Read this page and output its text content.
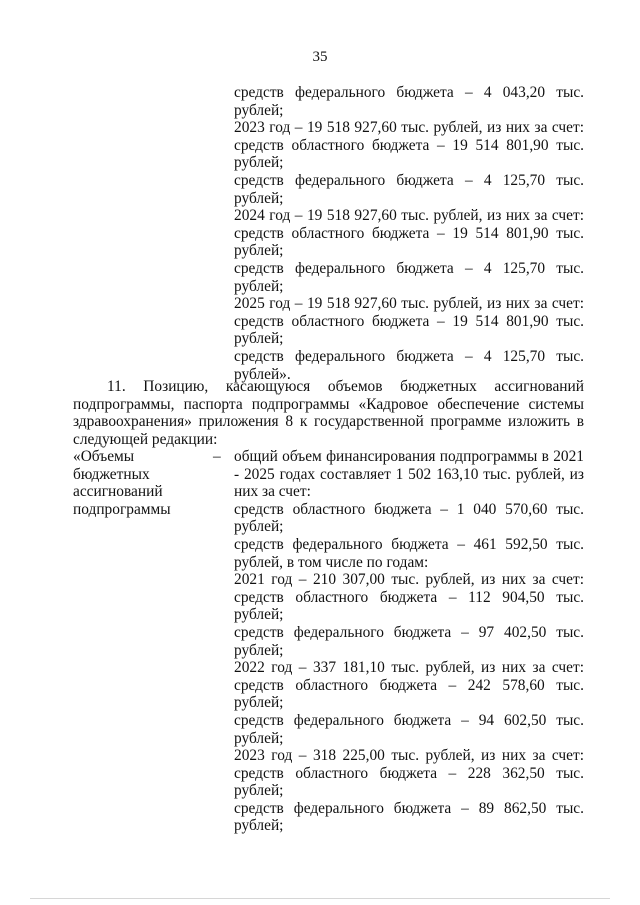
35
средств федерального бюджета – 4 043,20 тыс.
рублей;
2023 год – 19 518 927,60 тыс. рублей, из них за счет:
средств областного бюджета – 19 514 801,90 тыс.
рублей;
средств федерального бюджета – 4 125,70 тыс.
рублей;
2024 год – 19 518 927,60 тыс. рублей, из них за счет:
средств областного бюджета – 19 514 801,90 тыс.
рублей;
средств федерального бюджета – 4 125,70 тыс.
рублей;
2025 год – 19 518 927,60 тыс. рублей, из них за счет:
средств областного бюджета – 19 514 801,90 тыс.
рублей;
средств федерального бюджета – 4 125,70 тыс.
рублей».
11. Позицию, касающуюся объемов бюджетных ассигнований
подпрограммы, паспорта подпрограммы «Кадровое обеспечение системы
здравоохранения» приложения 8 к государственной программе изложить в
следующей редакции:
«Объемы	–
бюджетных
ассигнований
подпрограммы
общий объем финансирования подпрограммы в 2021
- 2025 годах составляет 1 502 163,10 тыс. рублей, из
них за счет:
средств областного бюджета – 1 040 570,60 тыс.
рублей;
средств федерального бюджета – 461 592,50 тыс.
рублей, в том числе по годам:
2021 год – 210 307,00 тыс. рублей, из них за счет:
средств областного бюджета – 112 904,50 тыс.
рублей;
средств федерального бюджета – 97 402,50 тыс.
рублей;
2022 год – 337 181,10 тыс. рублей, из них за счет:
средств областного бюджета – 242 578,60 тыс.
рублей;
средств федерального бюджета – 94 602,50 тыс.
рублей;
2023 год – 318 225,00 тыс. рублей, из них за счет:
средств областного бюджета – 228 362,50 тыс.
рублей;
средств федерального бюджета – 89 862,50 тыс.
рублей;
